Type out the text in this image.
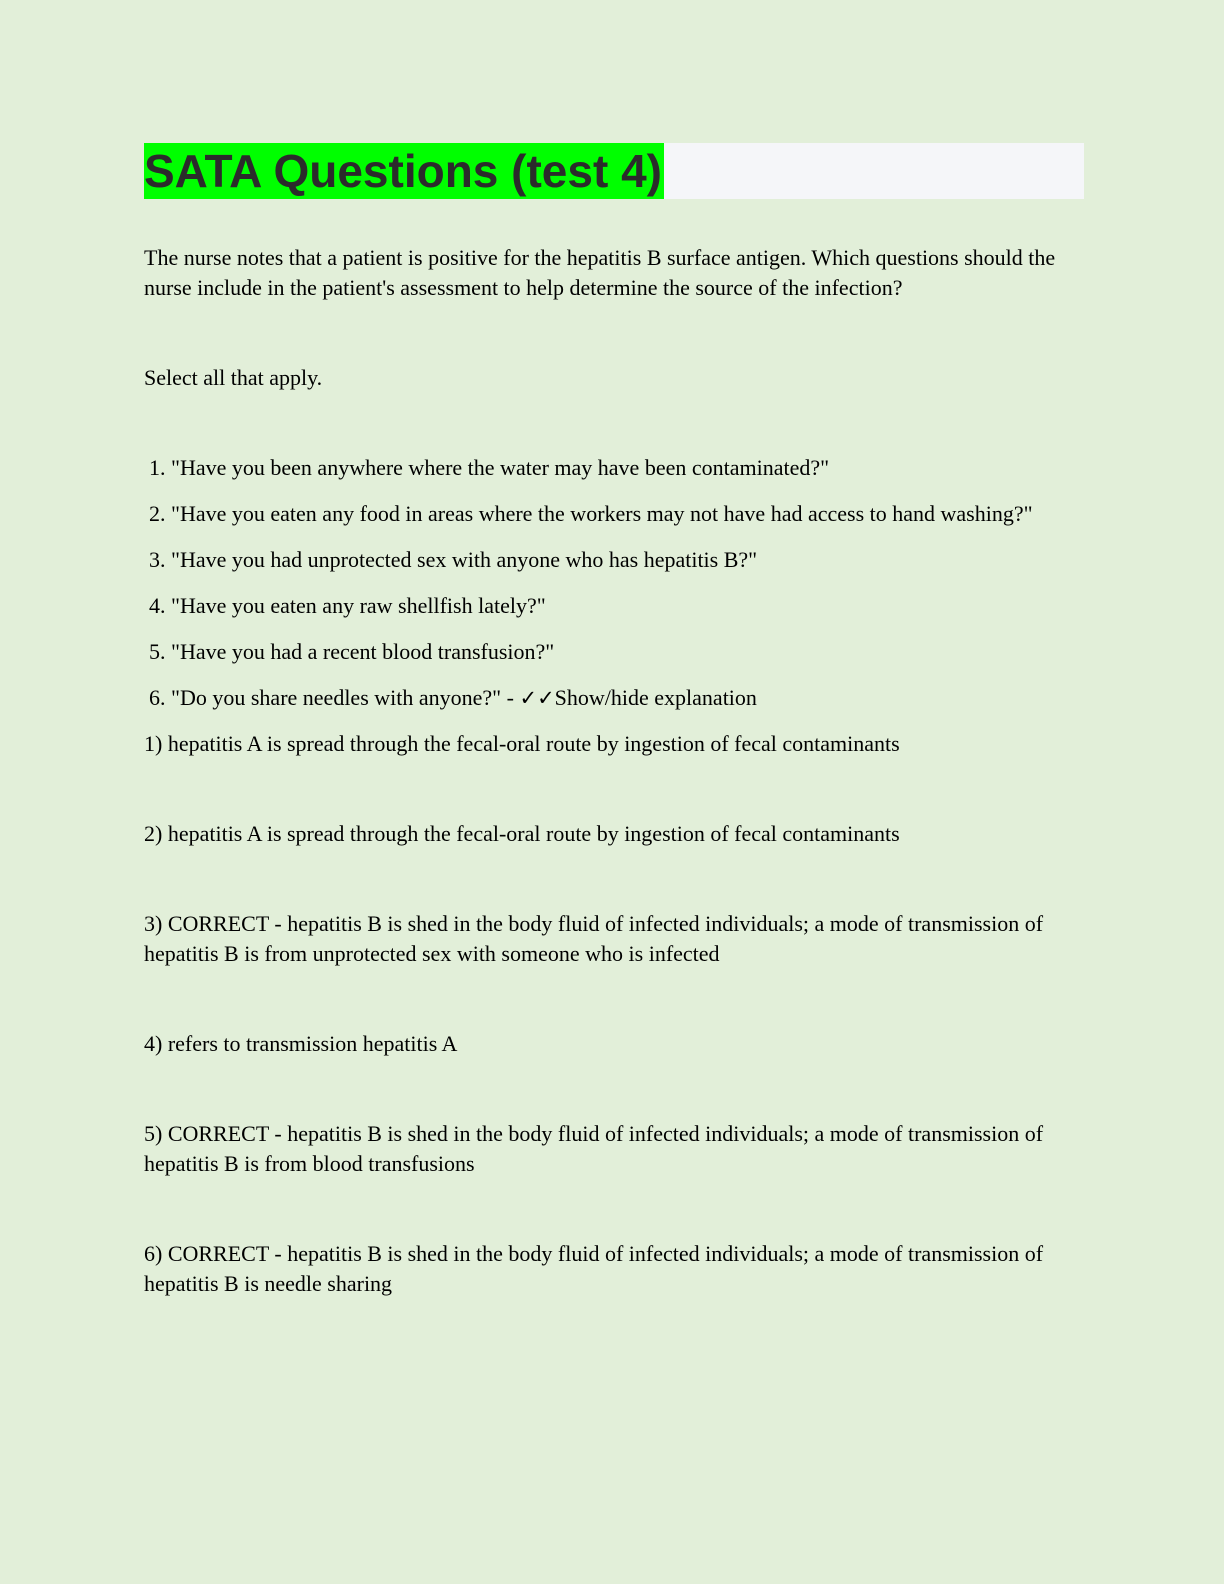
SATA Questions (test 4)

The nurse notes that a patient is positive for the hepatitis B surface antigen. Which questions should the nurse include in the patient's assessment to help determine the source of the infection?

Select all that apply.

1. "Have you been anywhere where the water may have been contaminated?"
2. "Have you eaten any food in areas where the workers may not have had access to hand washing?"
3. "Have you had unprotected sex with anyone who has hepatitis B?"
4. "Have you eaten any raw shellfish lately?"
5. "Have you had a recent blood transfusion?"
6. "Do you share needles with anyone?" - ✓✓Show/hide explanation

1) hepatitis A is spread through the fecal-oral route by ingestion of fecal contaminants

2) hepatitis A is spread through the fecal-oral route by ingestion of fecal contaminants

3) CORRECT - hepatitis B is shed in the body fluid of infected individuals; a mode of transmission of hepatitis B is from unprotected sex with someone who is infected

4) refers to transmission hepatitis A

5) CORRECT - hepatitis B is shed in the body fluid of infected individuals; a mode of transmission of hepatitis B is from blood transfusions

6) CORRECT - hepatitis B is shed in the body fluid of infected individuals; a mode of transmission of hepatitis B is needle sharing
